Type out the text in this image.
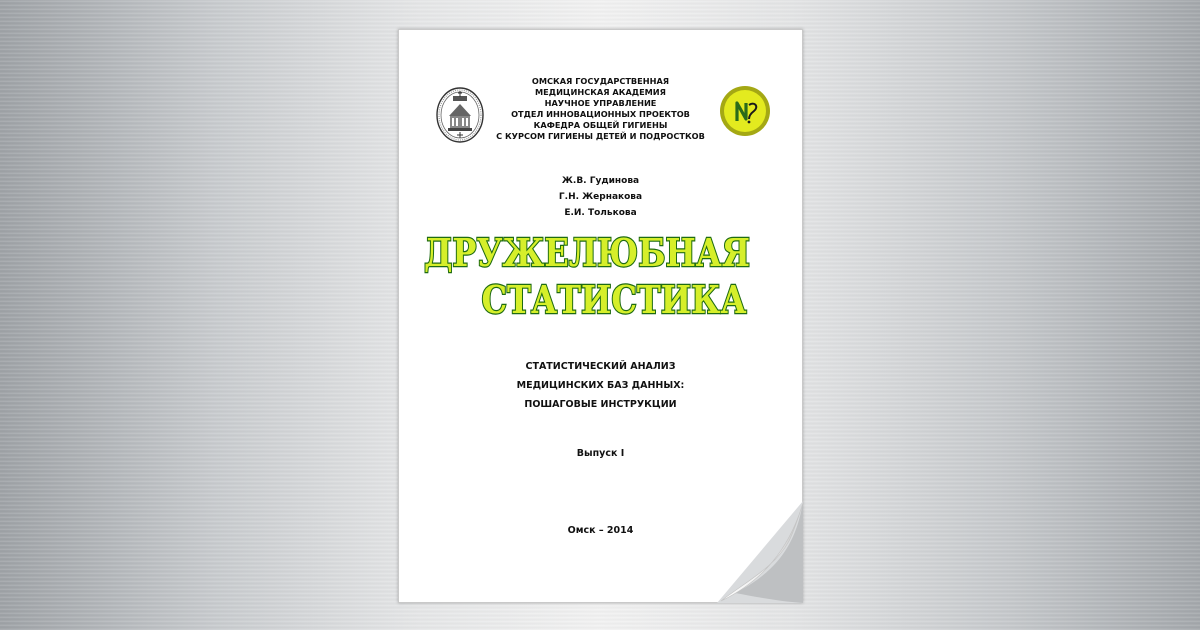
ОМСКАЯ ГОСУДАРСТВЕННАЯ
МЕДИЦИНСКАЯ АКАДЕМИЯ
НАУЧНОЕ УПРАВЛЕНИЕ
ОТДЕЛ ИННОВАЦИОННЫХ ПРОЕКТОВ
КАФЕДРА ОБЩЕЙ ГИГИЕНЫ
С КУРСОМ ГИГИЕНЫ ДЕТЕЙ И ПОДРОСТКОВ
Ж.В. Гудинова
Г.Н. Жернакова
Е.И. Толькова
ДРУЖЕЛЮБНАЯ
СТАТИСТИКА
СТАТИСТИЧЕСКИЙ АНАЛИЗ
МЕДИЦИНСКИХ БАЗ ДАННЫХ:
ПОШАГОВЫЕ ИНСТРУКЦИИ
Выпуск I
Омск – 2014
